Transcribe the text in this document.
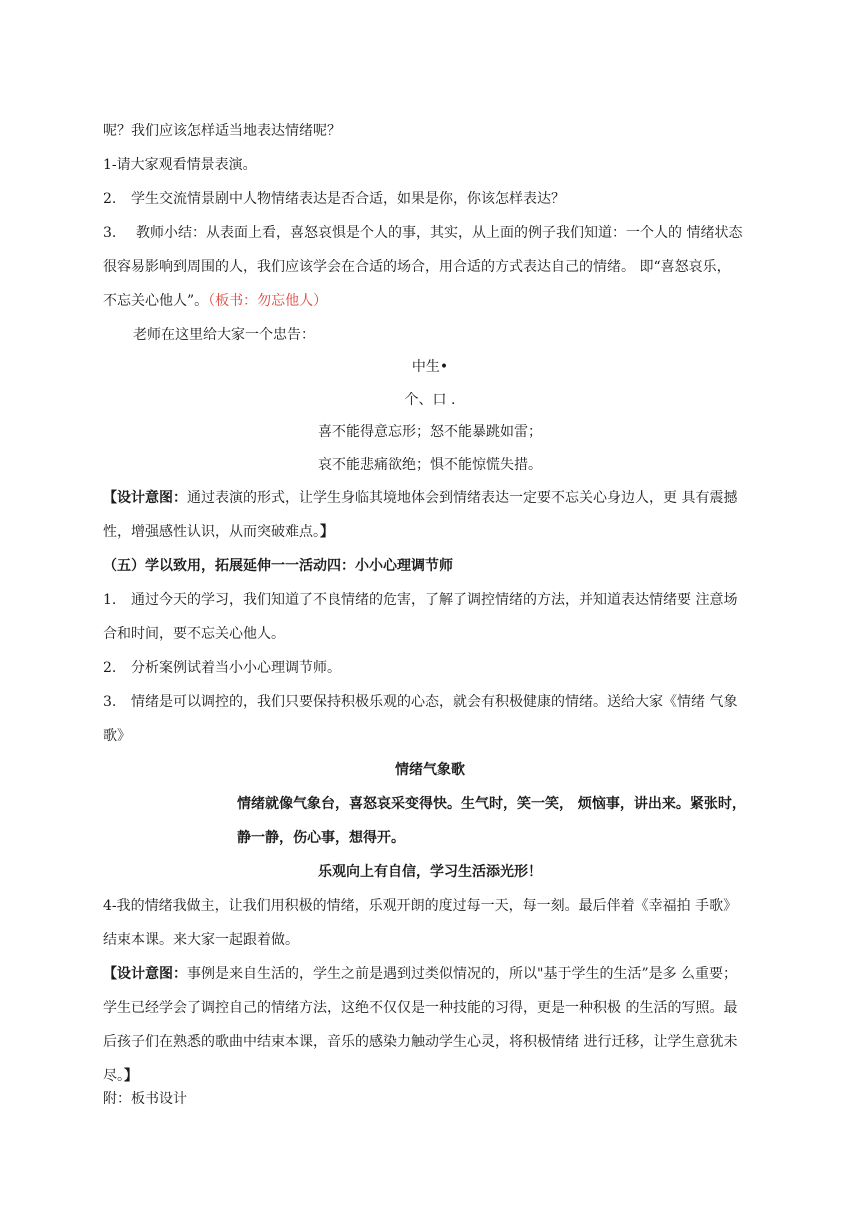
呢？我们应该怎样适当地表达情绪呢？
1-请大家观看情景表演。
2. 学生交流情景剧中人物情绪表达是否合适，如果是你，你该怎样表达？
3. 教师小结：从表面上看，喜怒哀惧是个人的事，其实，从上面的例子我们知道：一个人的 情绪状态
很容易影响到周围的人，我们应该学会在合适的场合，用合适的方式表达自己的情绪。 即“喜怒哀乐，
不忘关心他人”。（板书：勿忘他人）
老师在这里给大家一个忠告：
中生•
个、口 .
喜不能得意忘形；怒不能暴跳如雷；
哀不能悲痛欲绝；惧不能惊慌失措。
【设计意图：通过表演的形式，让学生身临其境地体会到情绪表达一定要不忘关心身边人，更 具有震撼
性，增强感性认识，从而突破难点。】
（五）学以致用，拓展延伸一一活动四：小小心理调节师
1. 通过今天的学习，我们知道了不良情绪的危害，了解了调控情绪的方法，并知道表达情绪要 注意场
合和时间，要不忘关心他人。
2. 分析案例试着当小小心理调节师。
3. 情绪是可以调控的，我们只要保持积极乐观的心态，就会有积极健康的情绪。送给大家《情绪 气象
歌》
情绪气象歌
情绪就像气象台，喜怒哀采变得快。生气时，笑一笑， 烦恼事，讲出来。紧张时，
静一静，伤心事，想得开。
乐观向上有自信，学习生活添光形！
4-我的情绪我做主，让我们用积极的情绪，乐观开朗的度过每一天，每一刻。最后伴着《幸福拍 手歌》
结束本课。来大家一起跟着做。
【设计意图：事例是来自生活的，学生之前是遇到过类似情况的，所以"基于学生的生活”是多 么重要；
学生已经学会了调控自己的情绪方法，这绝不仅仅是一种技能的习得，更是一种积极 的生活的写照。最
后孩子们在熟悉的歌曲中结束本课，音乐的感染力触动学生心灵，将积极情绪 进行迁移，让学生意犹未
尽。】
附：板书设计
